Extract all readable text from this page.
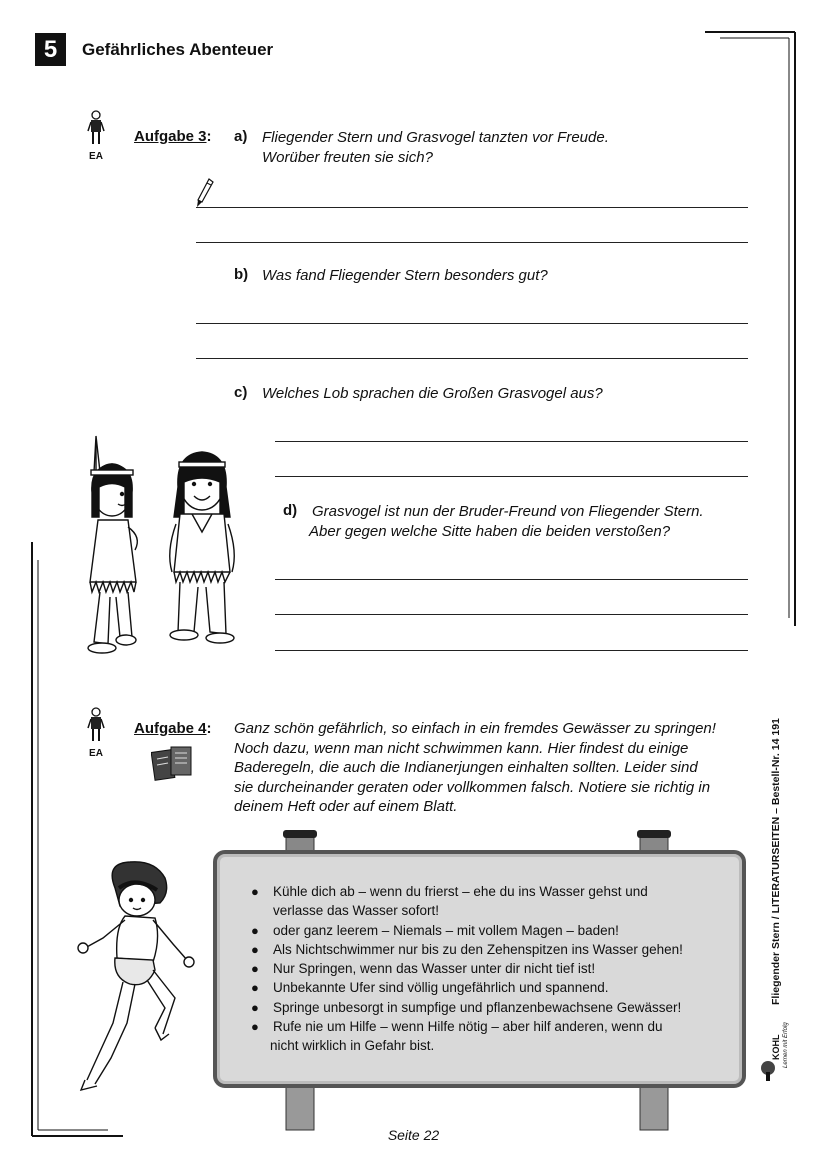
5	Gefährliches Abenteuer
EA
Aufgabe 3: a) Fliegender Stern und Grasvogel tanzten vor Freude.
Worüber freuten sie sich?
b) Was fand Fliegender Stern besonders gut?
c) Welches Lob sprachen die Großen Grasvogel aus?
d) Grasvogel ist nun der Bruder-Freund von Fliegender Stern.
Aber gegen welche Sitte haben die beiden verstoßen?
EA
Aufgabe 4: Ganz schön gefährlich, so einfach in ein fremdes Gewässer zu springen!
Noch dazu, wenn man nicht schwimmen kann. Hier findest du einige
Baderegeln, die auch die Indianerjungen einhalten sollten. Leider sind
sie durcheinander geraten oder vollkommen falsch. Notiere sie richtig in
deinem Heft oder auf einem Blatt.
● Kühle dich ab – wenn du frierst – ehe du ins Wasser gehst und
verlasse das Wasser sofort!
● oder ganz leerem – Niemals – mit vollem Magen – baden!
● Als Nichtschwimmer nur bis zu den Zehenspitzen ins Wasser gehen!
● Nur Springen, wenn das Wasser unter dir nicht tief ist!
● Unbekannte Ufer sind völlig ungefährlich und spannend.
● Springe unbesorgt in sumpfige und pflanzenbewachsene Gewässer!
● Rufe nie um Hilfe – wenn Hilfe nötig – aber hilf anderen, wenn du
nicht wirklich in Gefahr bist.
Fliegender Stern / LITERATURSEITEN – Bestell-Nr. 14 191
KOHL Lernen mit Erfolg
Seite 22
